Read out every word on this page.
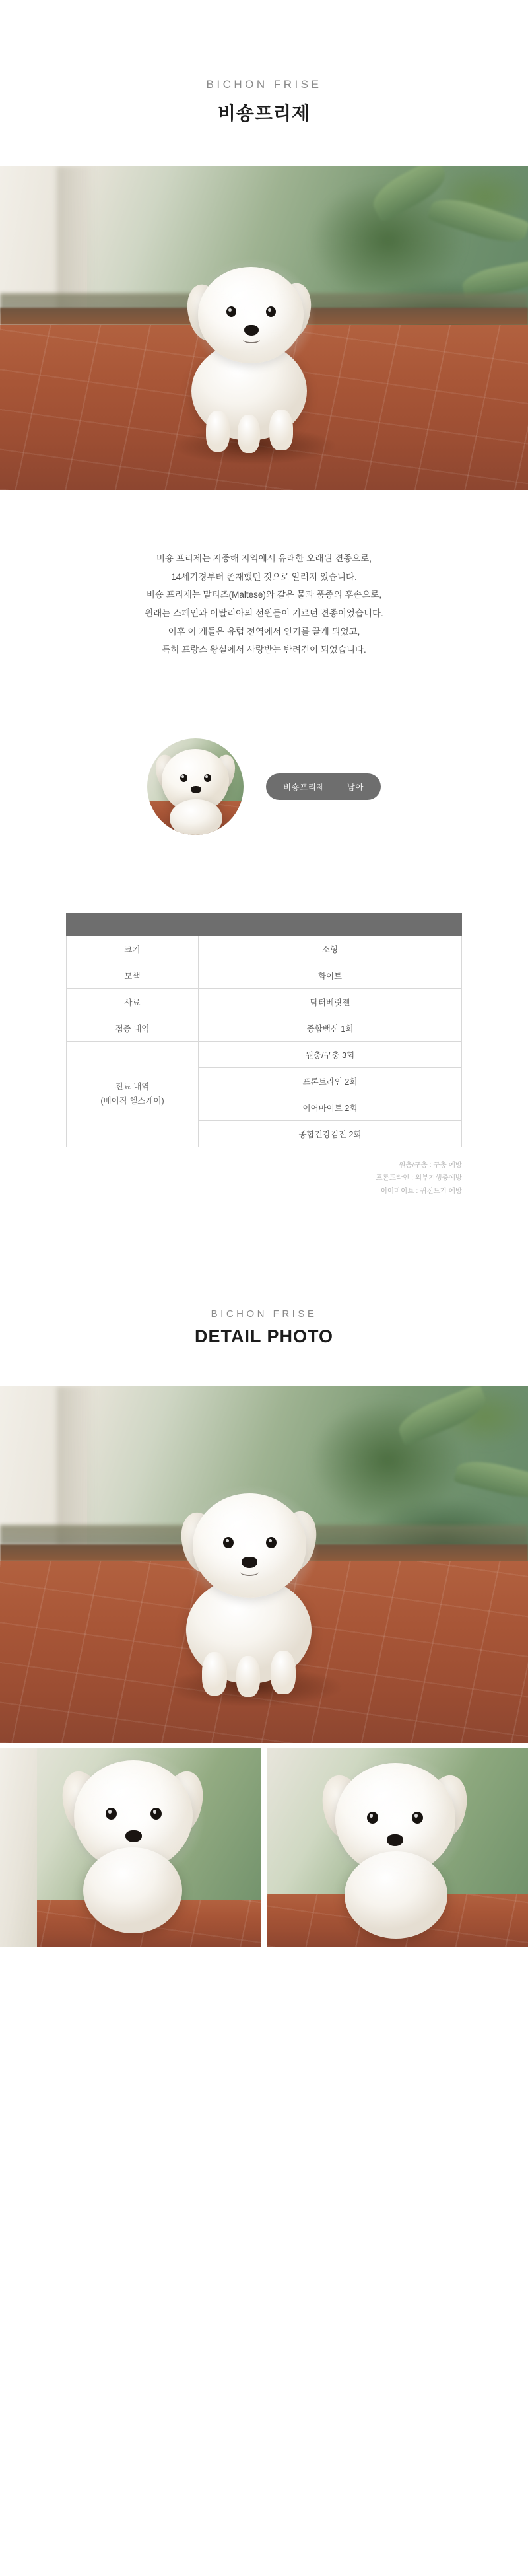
BICHON FRISE
비숑프리제

비숑 프리제는 지중해 지역에서 유래한 오래된 견종으로,

14세기경부터 존재했던 것으로 알려져 있습니다.

비숑 프리제는 말티즈(Maltese)와 같은 물과 품종의 후손으로,

원래는 스페인과 이탈리아의 선원들이 기르던 견종이었습니다.

이후 이 개들은 유럽 전역에서 인기를 끌게 되었고,

특히 프랑스 왕실에서 사랑받는 반려견이 되었습니다.

비숑프리제	남아

크기	소형
모색	화이트
사료	닥터베릿젠
접종 내역	종합백신 1회
진료 내역
(베이직 헬스케어)	원충/구충 3회
	프론트라인 2회
	이어마이트 2회
	종합건강검진 2회
원충/구충 : 구충 예방
프론트라인 : 외부기생충예방
이어마이트 : 귀진드기 예방
BICHON FRISE
DETAIL PHOTO
